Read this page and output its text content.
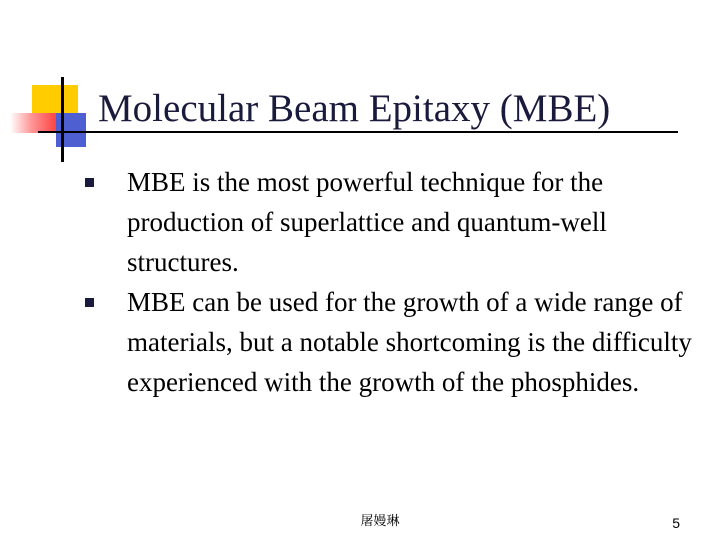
Molecular Beam Epitaxy (MBE)
MBE is the most powerful technique for the production of superlattice and quantum-well structures.
MBE can be used for the growth of a wide range of materials, but a notable shortcoming is the difficulty experienced with the growth of the phosphides.
屠嫚琳	5
